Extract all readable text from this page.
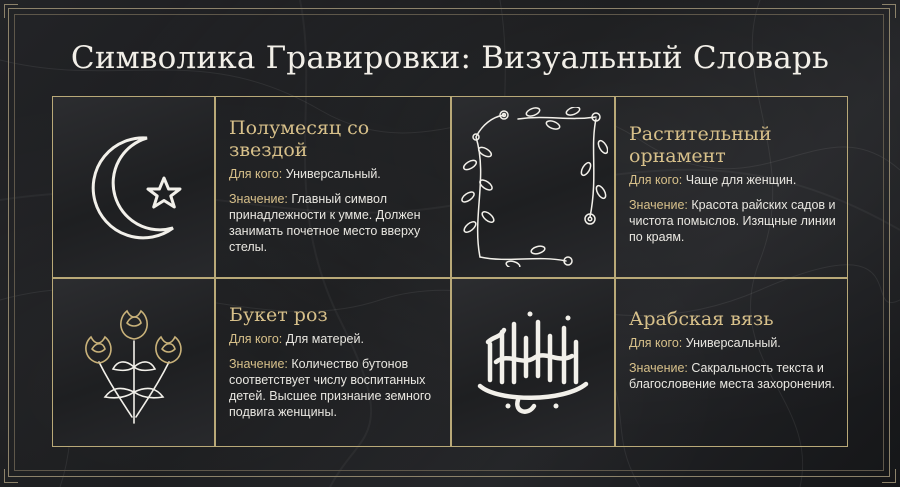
Символика Гравировки: Визуальный Словарь
Полумесяц со звездой
Для кого: Универсальный.
Значение: Главный символ принадлежности к умме. Должен занимать почетное место вверху стелы.
Растительный орнамент
Для кого: Чаще для женщин.
Значение: Красота райских садов и чистота помыслов. Изящные линии по краям.
Букет роз
Для кого: Для матерей.
Значение: Количество бутонов соответствует числу воспитанных детей. Высшее признание земного подвига женщины.
Арабская вязь
Для кого: Универсальный.
Значение: Сакральность текста и благословение места захоронения.
